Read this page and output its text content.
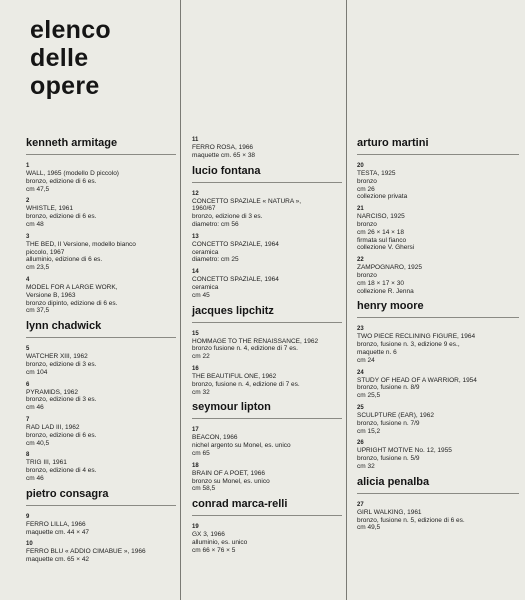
elenco
delle
opere
kenneth armitage
1
WALL, 1965 (modello D piccolo)
bronzo, edizione di 6 es.
cm 47,5
2
WHISTLE, 1961
bronzo, edizione di 6 es.
cm 48
3
THE BED, II Versione, modello bianco
piccolo, 1967
alluminio, edizione di 6 es.
cm 23,5
4
MODEL FOR A LARGE WORK,
Versione B, 1963
bronzo dipinto, edizione di 6 es.
cm 37,5
lynn chadwick
5
WATCHER XIII, 1962
bronzo, edizione di 3 es.
cm 104
6
PYRAMIDS, 1962
bronzo, edizione di 3 es.
cm 46
7
RAD LAD III, 1962
bronzo, edizione di 6 es.
cm 40,5
8
TRIG III, 1961
bronzo, edizione di 4 es.
cm 46
pietro consagra
9
FERRO LILLA, 1966
maquette cm. 44 × 47
10
FERRO BLU « ADDIO CIMABUE », 1966
maquette cm. 65 × 42
11
FERRO ROSA, 1966
maquette cm. 65 × 38
lucio fontana
12
CONCETTO SPAZIALE « NATURA »,
1960/67
bronzo, edizione di 3 es.
diametro: cm 56
13
CONCETTO SPAZIALE, 1964
ceramica
diametro: cm 25
14
CONCETTO SPAZIALE, 1964
ceramica
cm 45
jacques lipchitz
15
HOMMAGE TO THE RENAISSANCE, 1962
bronzo fusione n. 4, edizione di 7 es.
cm 22
16
THE BEAUTIFUL ONE, 1962
bronzo, fusione n. 4, edizione di 7 es.
cm 32
seymour lipton
17
BEACON, 1966
nichel argento su Monel, es. unico
cm 65
18
BRAIN OF A POET, 1966
bronzo su Monel, es. unico
cm 58,5
conrad marca-relli
19
GX 3, 1966
alluminio, es. unico
cm 66 × 76 × 5
arturo martini
20
TESTA, 1925
bronzo
cm 26
collezione privata
21
NARCISO, 1925
bronzo
cm 26 × 14 × 18
firmata sul fianco
collezione V. Ghersi
22
ZAMPOGNARO, 1925
bronzo
cm 18 × 17 × 30
collezione R. Jenna
henry moore
23
TWO PIECE RECLINING FIGURE, 1964
bronzo, fusione n. 3, edizione 9 es.,
maquette n. 6
cm 24
24
STUDY OF HEAD OF A WARRIOR, 1954
bronzo, fusione n. 8/9
cm 25,5
25
SCULPTURE (EAR), 1962
bronzo, fusione n. 7/9
cm 15,2
26
UPRIGHT MOTIVE No. 12, 1955
bronzo, fusione n. 5/9
cm 32
alicia penalba
27
GIRL WALKING, 1961
bronzo, fusione n. 5, edizione di 6 es.
cm 49,5
